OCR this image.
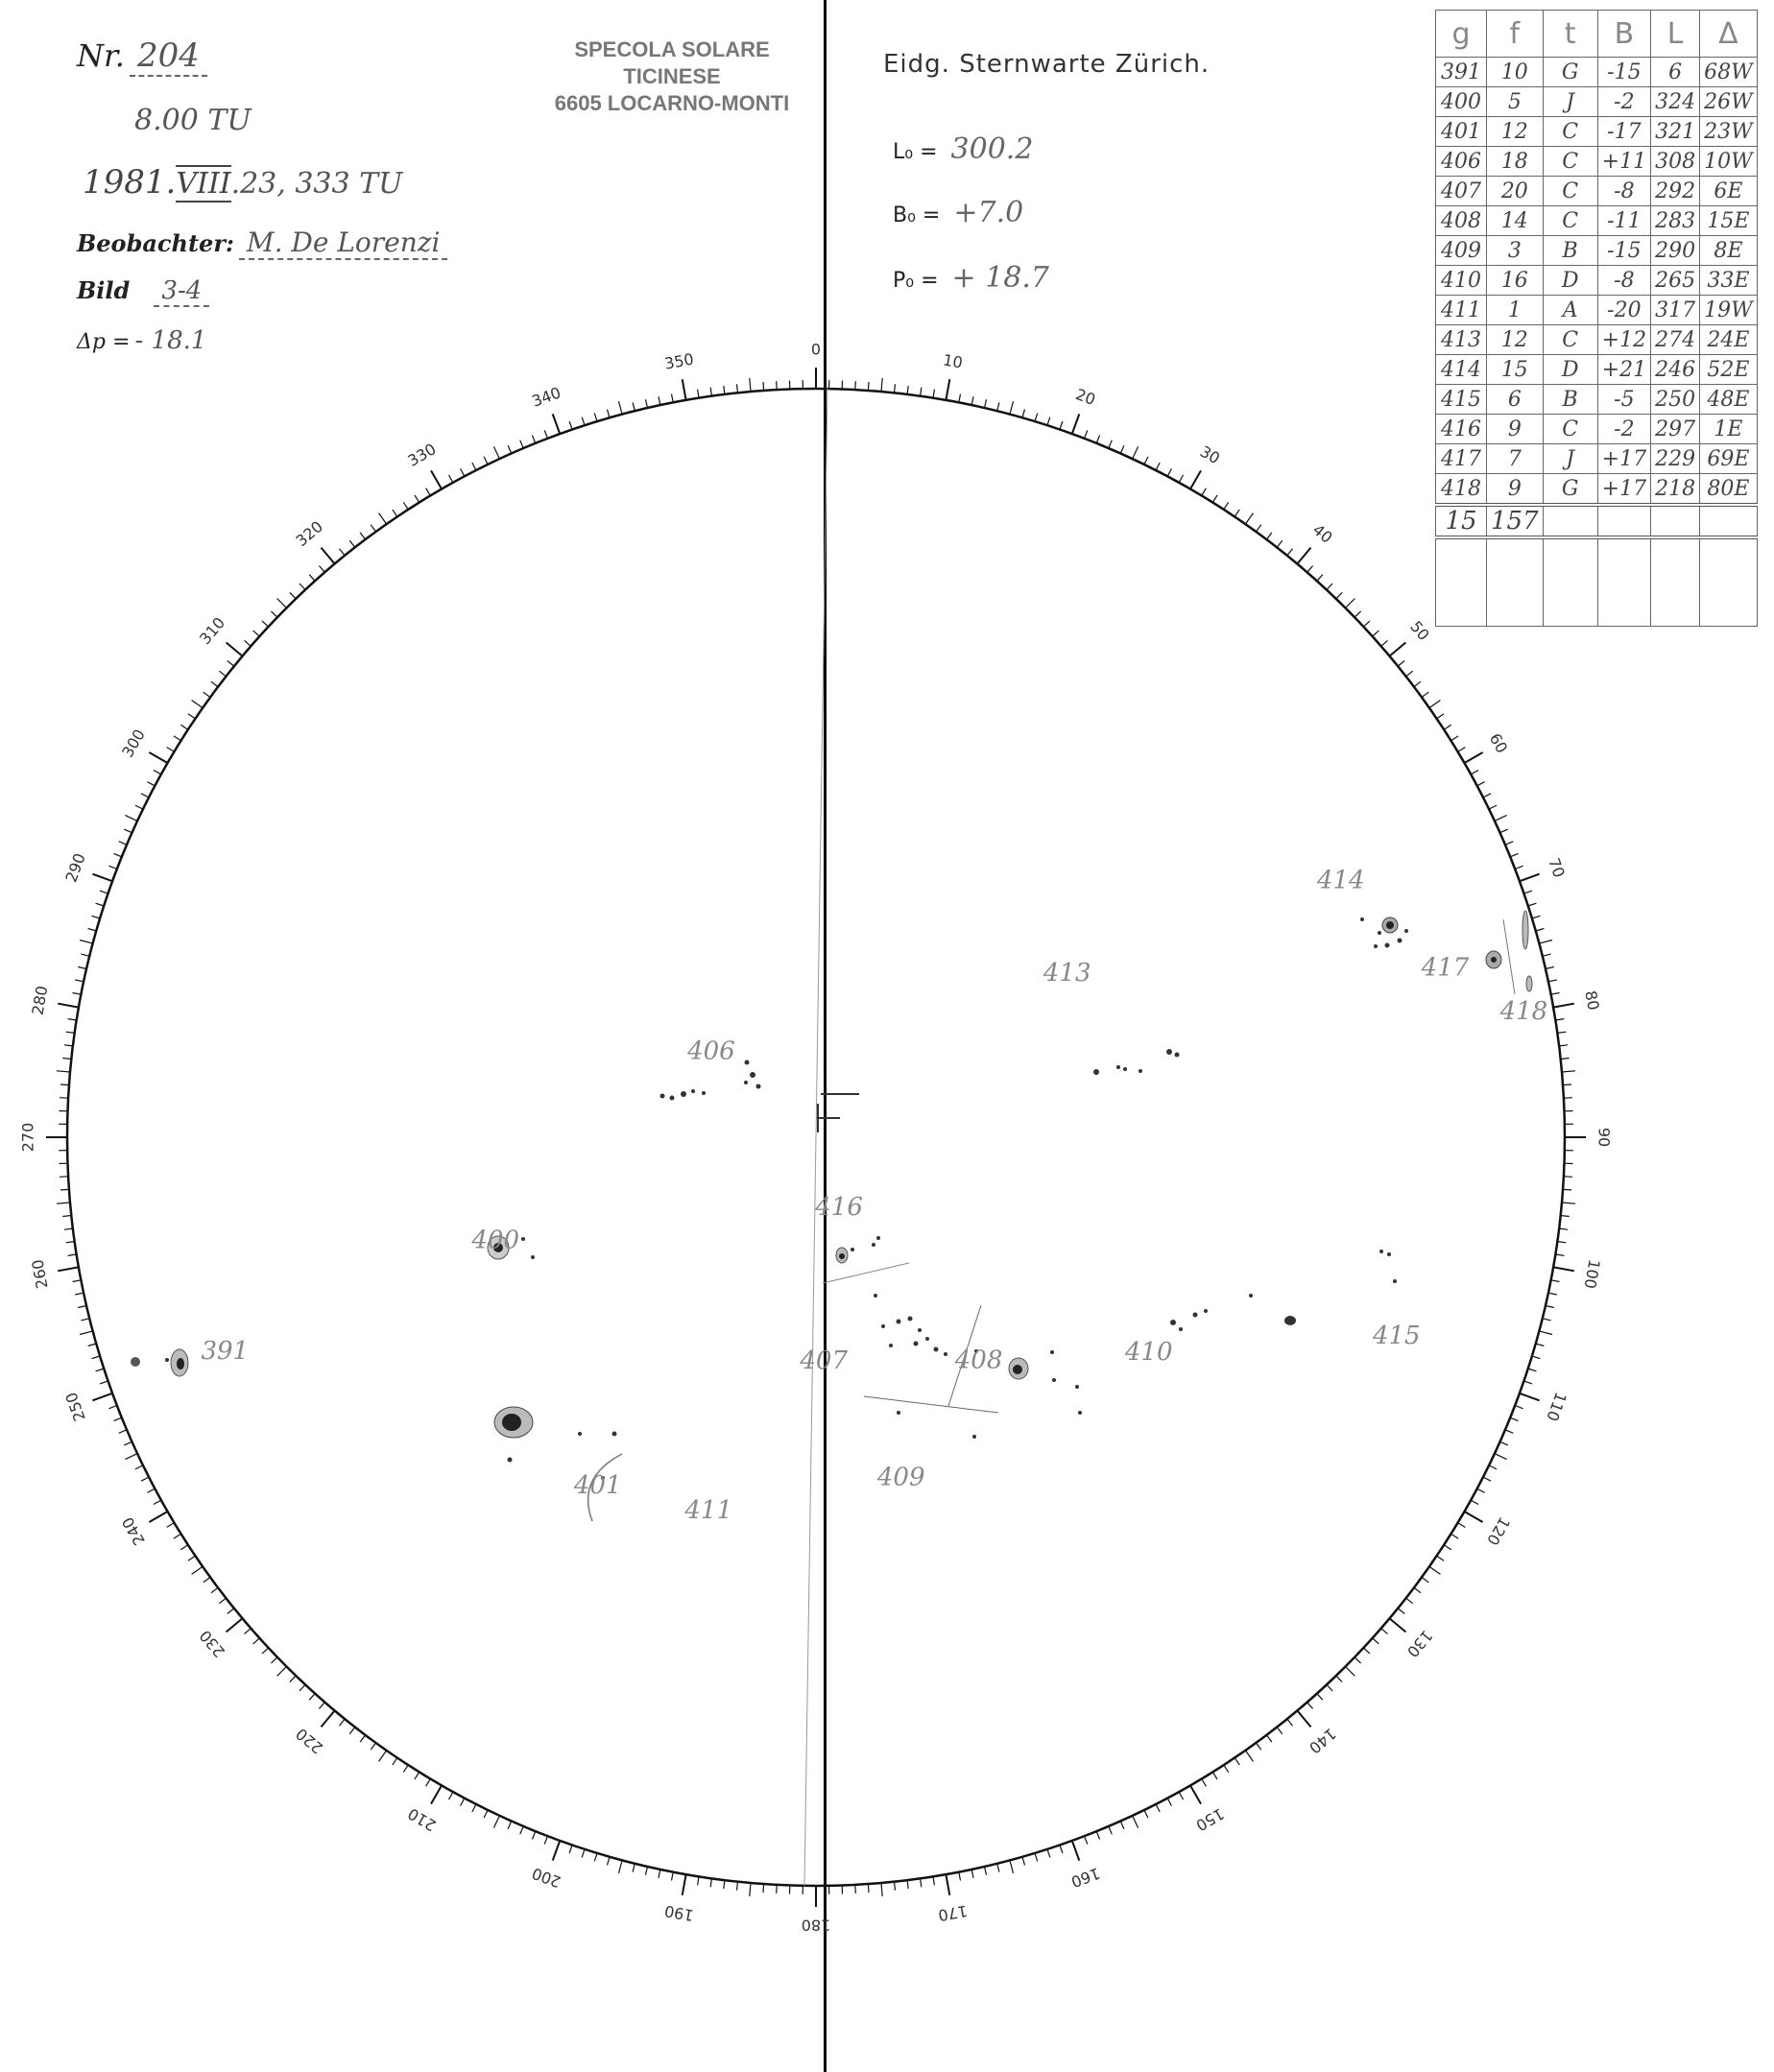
Nr. 204
8.00 TU
1981.VIII.23, 333 TU
Beobachter: M. De Lorenzi
Bild 3-4
Δp = - 18.1
SPECOLA SOLARE
TICINESE
6605 LOCARNO-MONTI
Eidg. Sternwarte Zürich.
L₀ = 300.2
B₀ = +7.0
P₀ = + 18.7
g	f	t	B	L	Δ
391	10	G	-15	6	68W
400	5	J	-2	324	26W
401	12	C	-17	321	23W
406	18	C	+11	308	10W
407	20	C	-8	292	6E
408	14	C	-11	283	15E
409	3	B	-15	290	8E
410	16	D	-8	265	33E
411	1	A	-20	317	19W
413	12	C	+12	274	24E
414	15	D	+21	246	52E
415	6	B	-5	250	48E
416	9	C	-2	297	1E
417	7	J	+17	229	69E
418	9	G	+17	218	80E
15	157				

0
10
20
30
40
50
60
70
80
90
100
110
120
130
140
150
160
170
180
190
200
210
220
230
240
250
260
270
280
290
300
310
320
330
340
350
391
400
401
406
407	408
409
410
411
413
414
415
416
417
418
